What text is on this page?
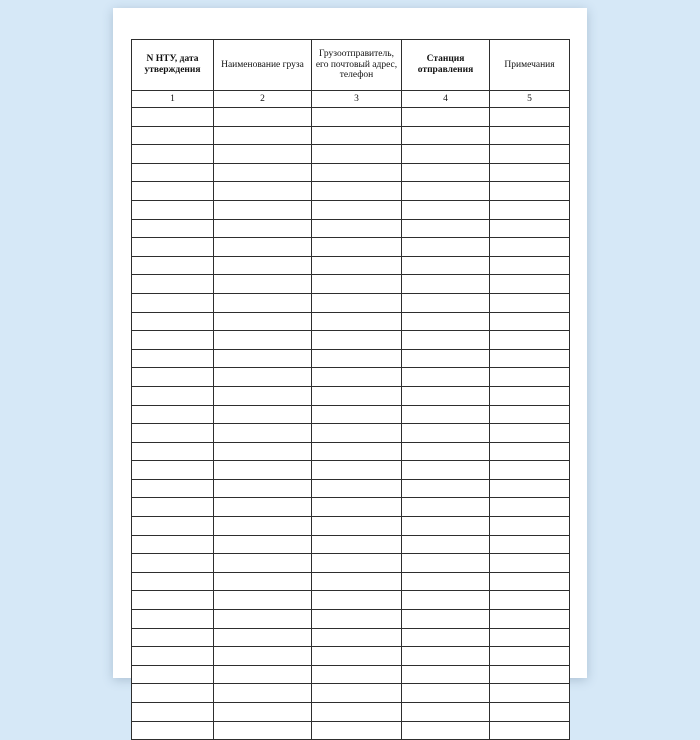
N НТУ, дата утверждения	Наименование груза	Грузоотправитель, его почтовый адрес, телефон	Станция отправления	Примечания
1	2	3	4	5
